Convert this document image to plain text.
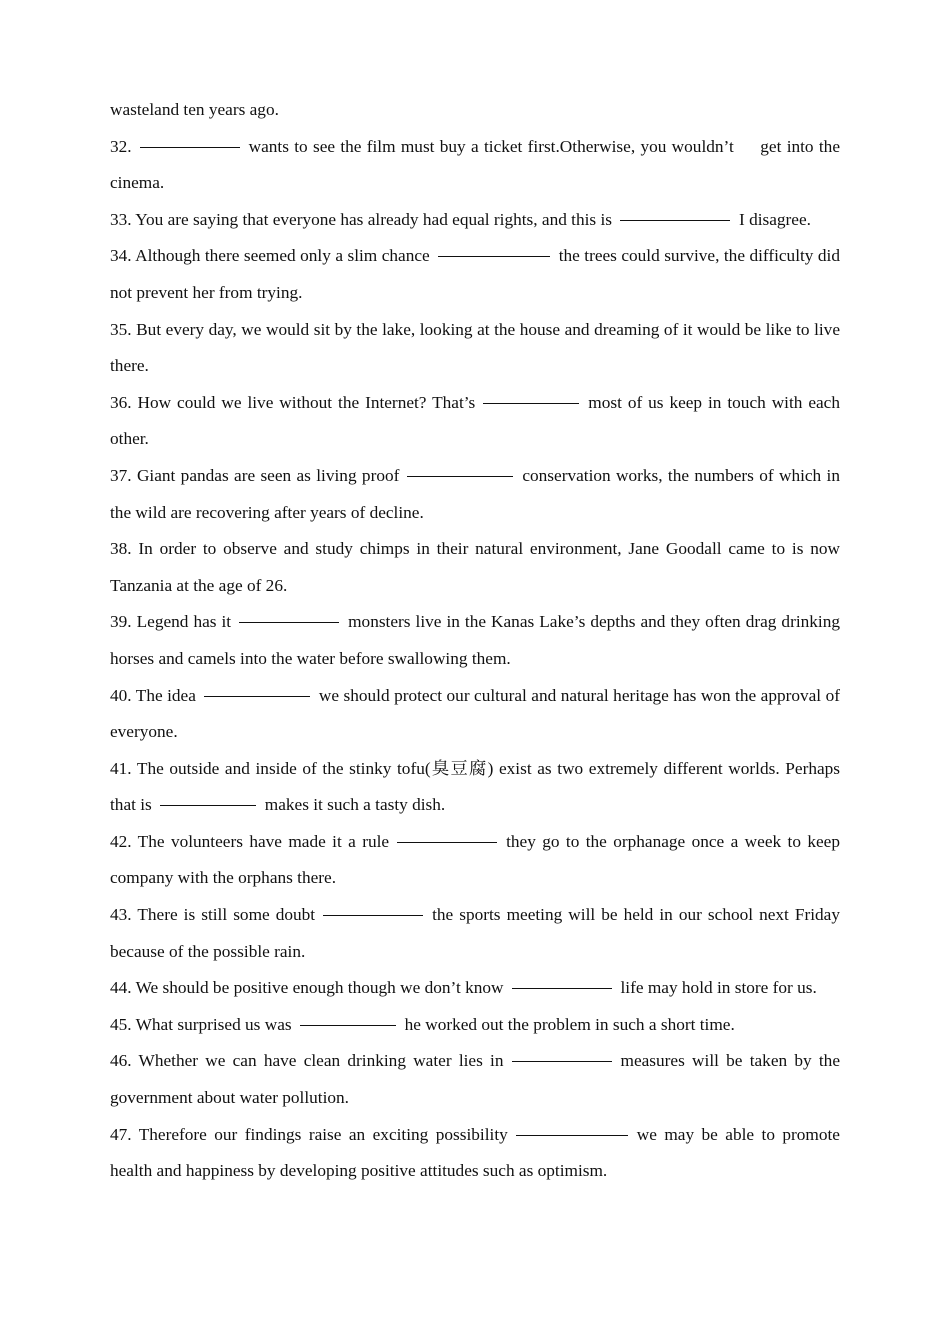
wasteland ten years ago.

32.	wants to see the film must buy a ticket first.Otherwise, you wouldn’t     get into the cinema.

33. You are saying that everyone has already had equal rights, and this is	I disagree.

34. Although there seemed only a slim chance	the trees could survive, the difficulty did not prevent her from trying.

35. But every day, we would sit by the lake, looking at the house and dreaming of it would be like to live there.

36. How could we live without the Internet? That’s	most of us keep in touch with each other.

37. Giant pandas are seen as living proof	conservation works, the numbers of which in the wild are recovering after years of decline.

38. In order to observe and study chimps in their natural environment, Jane Goodall came to is now Tanzania at the age of 26.

39. Legend has it	monsters live in the Kanas Lake’s depths and they often drag drinking horses and camels into the water before swallowing them.

40. The idea	we should protect our cultural and natural heritage has won the approval of everyone.

41. The outside and inside of the stinky tofu(臭豆腐) exist as two extremely different worlds. Perhaps that is	makes it such a tasty dish.

42. The volunteers have made it a rule	they go to the orphanage once a week to keep company with the orphans there.

43. There is still some doubt	the sports meeting will be held in our school next Friday because of the possible rain.

44. We should be positive enough though we don’t know	life may hold in store for us.

45. What surprised us was	he worked out the problem in such a short time.

46. Whether we can have clean drinking water lies in	measures will be taken by the government about water pollution.

47. Therefore our findings raise an exciting possibility	we may be able to promote health and happiness by developing positive attitudes such as optimism.
